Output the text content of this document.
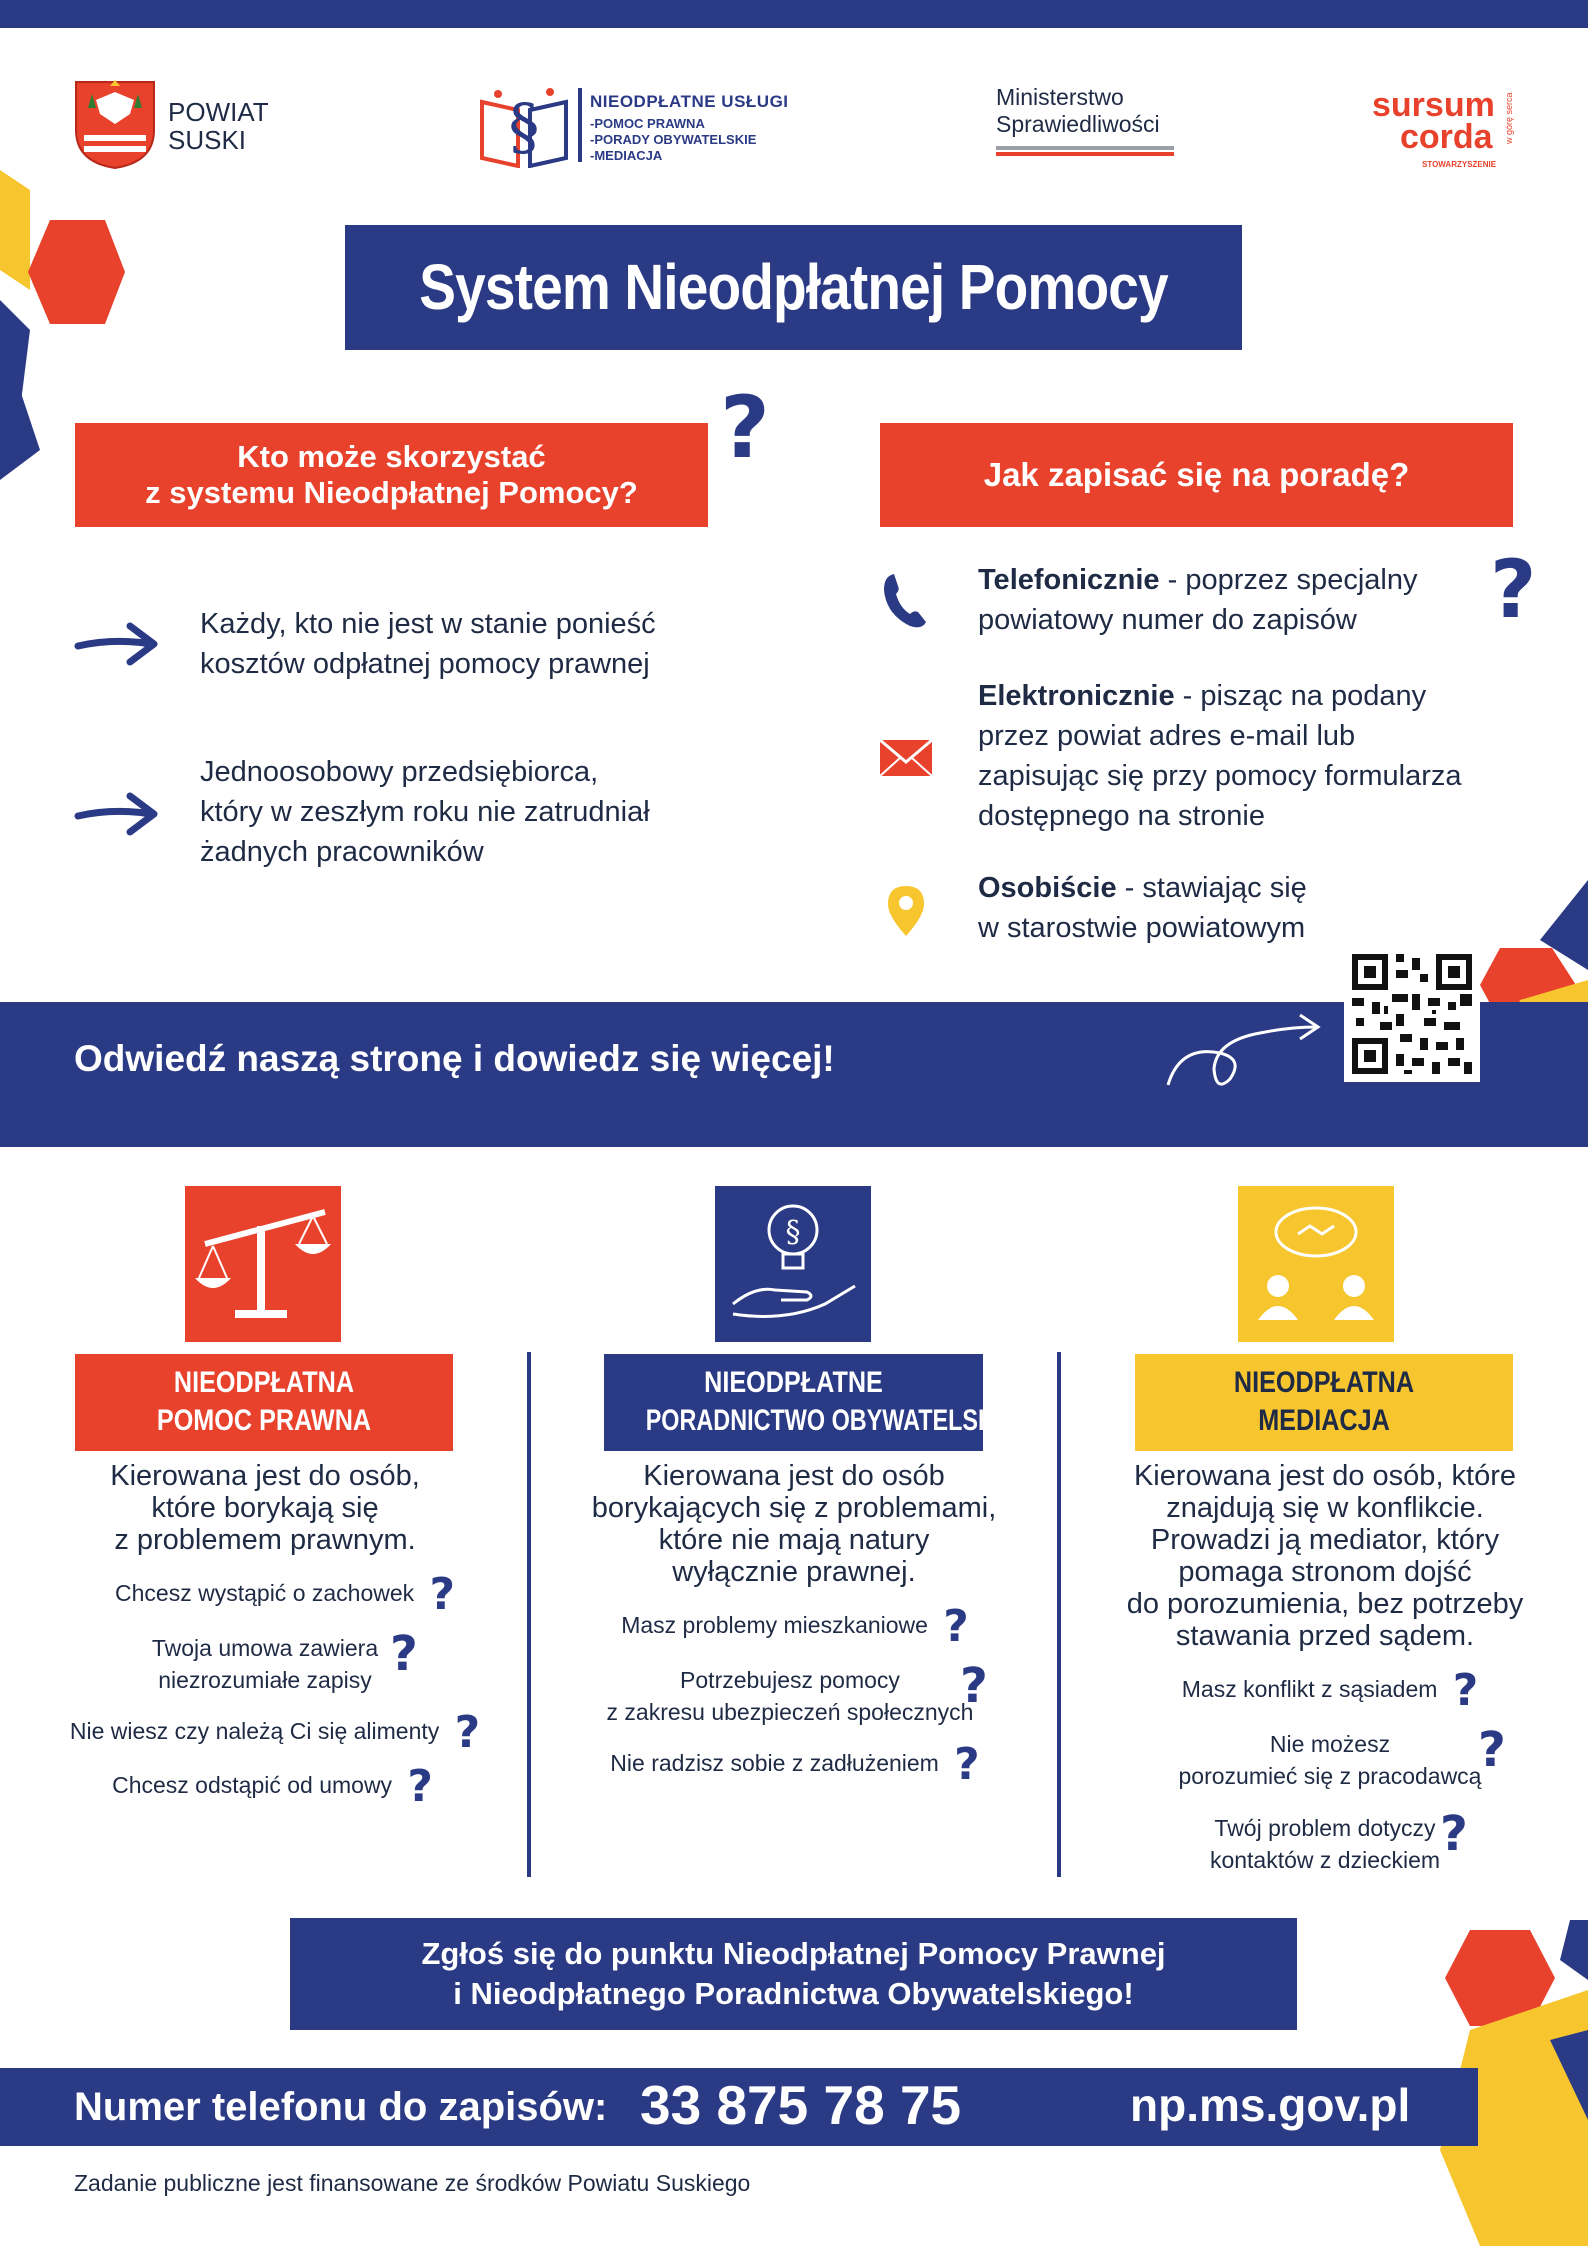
POWIAT
SUSKI	§	NIEODPŁATNE USŁUGI
-POMOC PRAWNA
-PORADY OBYWATELSKIE
-MEDIACJA
Ministerstwo
Sprawiedliwości	sursum
corda w górę serca
STOWARZYSZENIE
System Nieodpłatnej Pomocy
Kto może skorzystać
z systemu Nieodpłatnej Pomocy?
?
Każdy, kto nie jest w stanie ponieść
kosztów odpłatnej pomocy prawnej
Jednoosobowy przedsiębiorca,
który w zeszłym roku nie zatrudniał
żadnych pracowników
Jak zapisać się na poradę?
?
Telefonicznie - poprzez specjalny
powiatowy numer do zapisów
Elektronicznie - pisząc na podany
przez powiat adres e-mail lub
zapisując się przy pomocy formularza
dostępnego na stronie
Osobiście - stawiając się
w starostwie powiatowym
Odwiedź naszą stronę i dowiedz się więcej!
§
NIEODPŁATNA
POMOC PRAWNA
Kierowana jest do osób,
które borykają się
z problemem prawnym.
Chcesz wystąpić o zachowek ?
Twoja umowa zawiera
niezrozumiałe zapisy ?
Nie wiesz czy należą Ci się alimenty ?
Chcesz odstąpić od umowy ?
NIEODPŁATNE
PORADNICTWO OBYWATELSKIE
Kierowana jest do osób
borykających się z problemami,
które nie mają natury
wyłącznie prawnej.
Masz problemy mieszkaniowe ?
Potrzebujesz pomocy
z zakresu ubezpieczeń społecznych
?
Nie radzisz sobie z zadłużeniem ?
NIEODPŁATNA
MEDIACJA
Kierowana jest do osób, które
znajdują się w konflikcie.
Prowadzi ją mediator, który
pomaga stronom dojść
do porozumienia, bez potrzeby
stawania przed sądem.
Masz konflikt z sąsiadem ?
Nie możesz
porozumieć się z pracodawcą
?
Twój problem dotyczy
kontaktów z dzieckiem ?
Zgłoś się do punktu Nieodpłatnej Pomocy Prawnej
i Nieodpłatnego Poradnictwa Obywatelskiego!
Numer telefonu do zapisów: 33 875 78 75	np.ms.gov.pl
Zadanie publiczne jest finansowane ze środków Powiatu Suskiego
